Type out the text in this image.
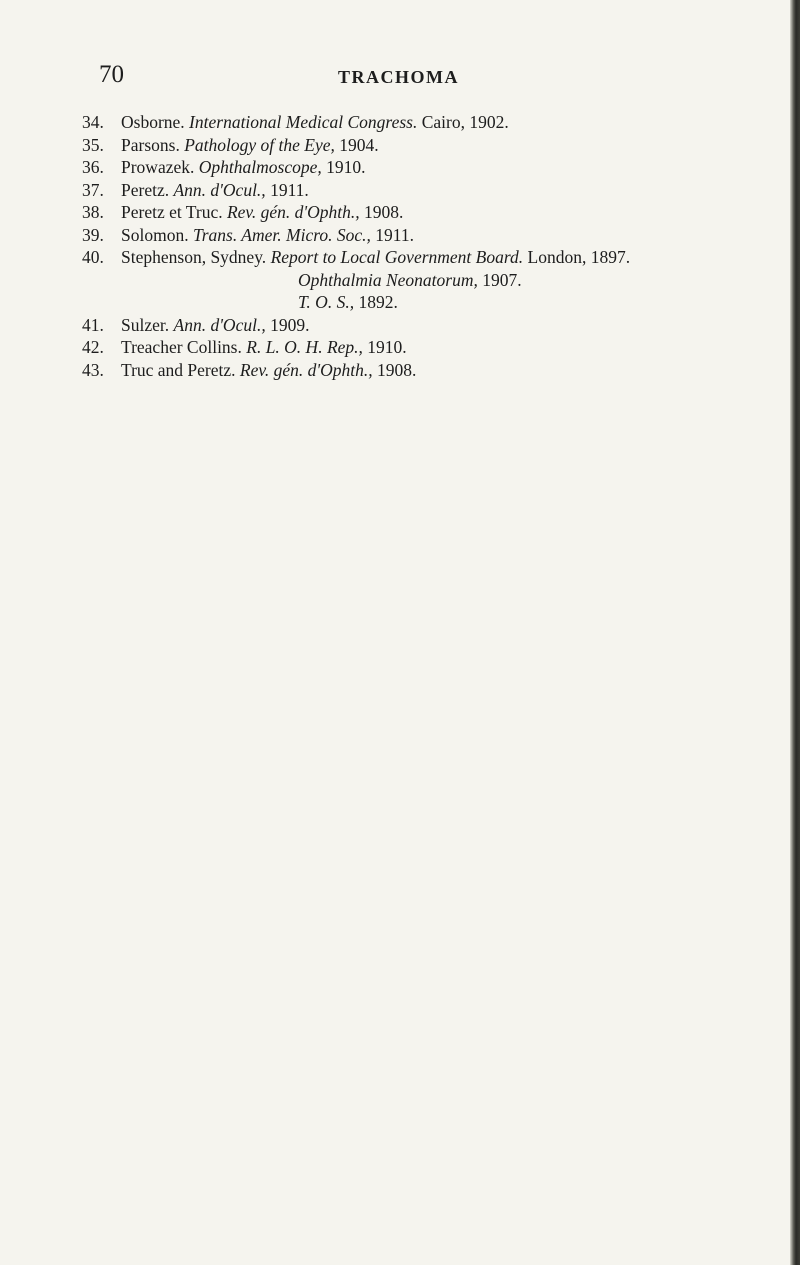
70	TRACHOMA
34. Osborne. International Medical Congress. Cairo, 1902.
35. Parsons. Pathology of the Eye, 1904.
36. Prowazek. Ophthalmoscope, 1910.
37. Peretz. Ann. d'Ocul., 1911.
38. Peretz et Truc. Rev. gén. d'Ophth., 1908.
39. Solomon. Trans. Amer. Micro. Soc., 1911.
40. Stephenson, Sydney. Report to Local Government Board. London, 1897.
Ophthalmia Neonatorum, 1907.
T. O. S., 1892.
41. Sulzer. Ann. d'Ocul., 1909.
42. Treacher Collins. R. L. O. H. Rep., 1910.
43. Truc and Peretz. Rev. gén. d'Ophth., 1908.
